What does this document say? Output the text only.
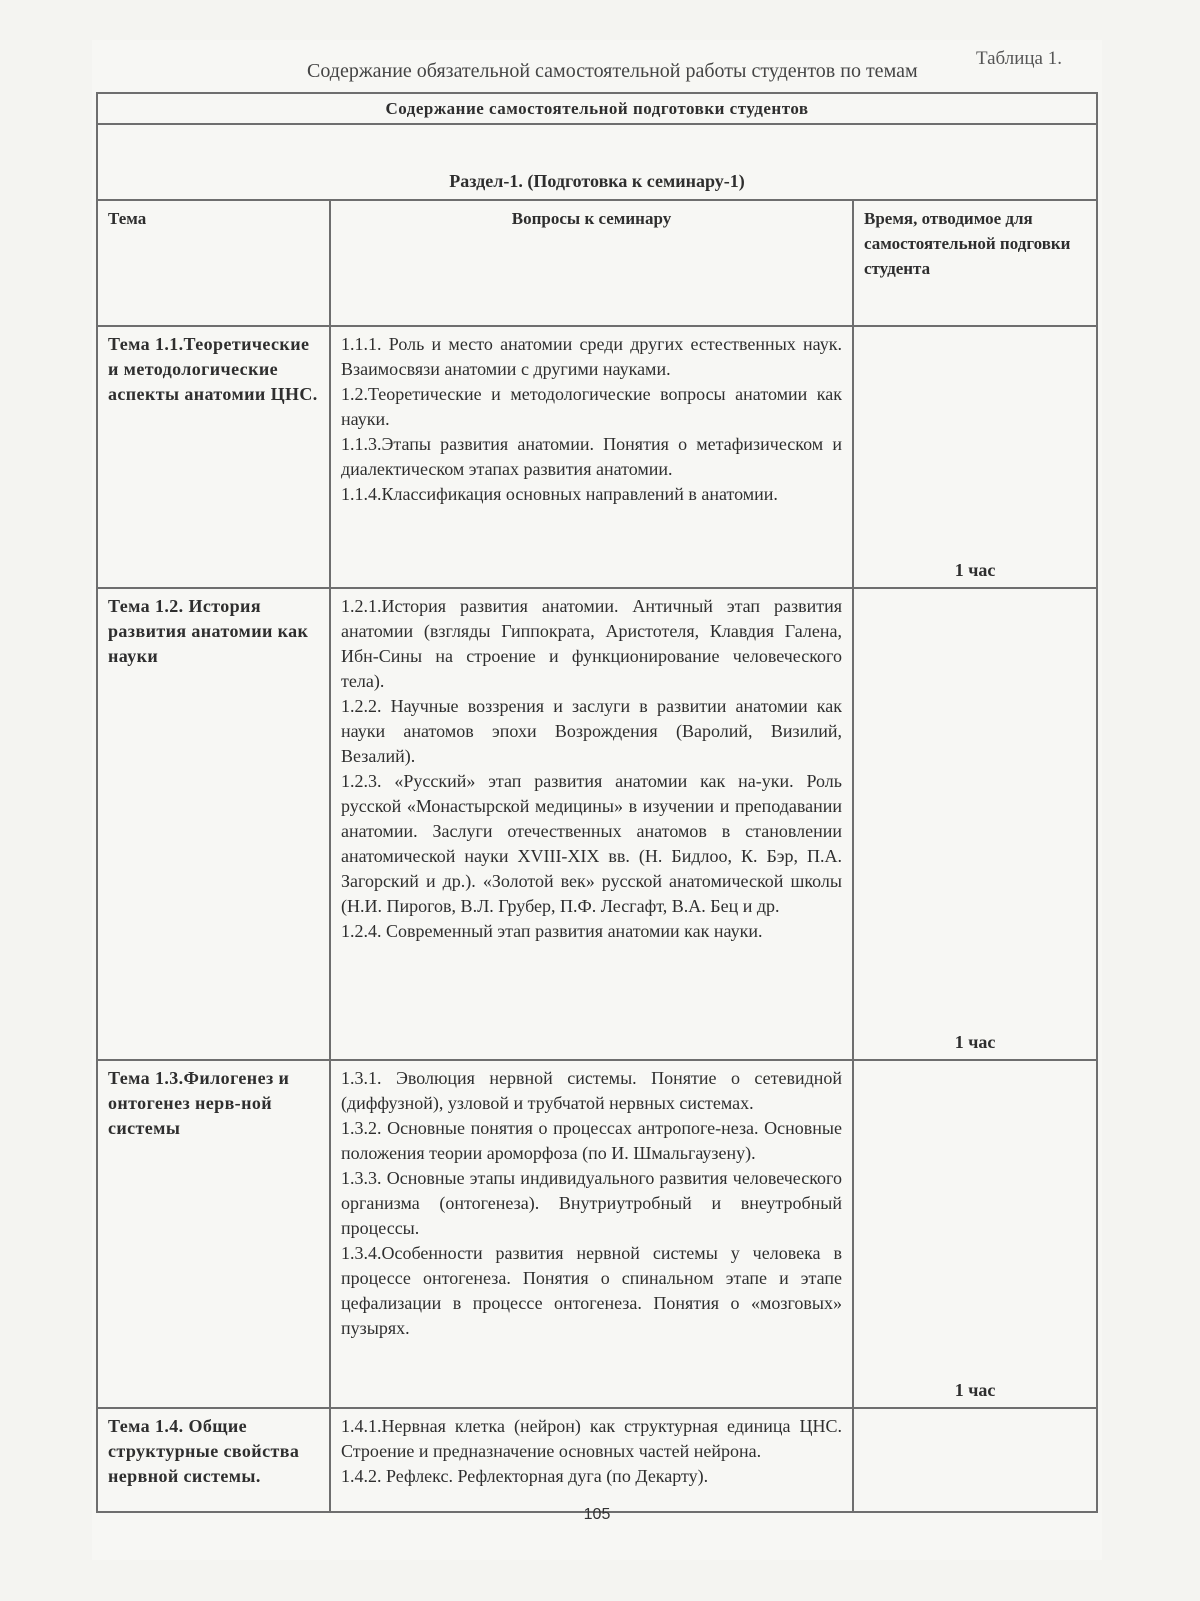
Таблица 1.
Содержание обязательной самостоятельной работы студентов по темам
Содержание самостоятельной подготовки студентов		
Раздел-1. (Подготовка к семинару-1)		
Тема	Вопросы к семинару	Время, отводимое для самостоятельной подговки студента
Тема 1.1.Теоретические и методологические аспекты анатомии ЦНС.	1.1.1. Роль и место анатомии среди других естественных наук. Взаимосвязи анатомии с другими науками.

1.2.Теоретические и методологические вопросы анатомии как науки.

1.1.3.Этапы развития анатомии. Понятия о метафизическом и диалектическом этапах развития анатомии.

1.1.4.Классификация основных направлений в анатомии.	1 час
Тема 1.2. История развития анатомии как науки	1.2.1.История развития анатомии. Античный этап развития анатомии (взгляды Гиппократа, Аристотеля, Клавдия Галена, Ибн-Сины на строение и функционирование человеческого тела).

1.2.2. Научные воззрения и заслуги в развитии анатомии как науки анатомов эпохи Возрождения (Варолий, Визилий, Везалий).

1.2.3. «Русский» этап развития анатомии как на-уки. Роль русской «Монастырской медицины» в изучении и преподавании анатомии. Заслуги отечественных анатомов в становлении анатомической науки XVIII-XIX вв. (Н. Бидлоо, К. Бэр, П.А. Загорский и др.). «Золотой век» русской анатомической школы (Н.И. Пирогов, В.Л. Грубер, П.Ф. Лесгафт, В.А. Бец и др.

1.2.4. Современный этап развития анатомии как науки.	1 час
Тема 1.3.Филогенез и онтогенез нерв-ной системы	1.3.1. Эволюция нервной системы. Понятие о сетевидной (диффузной), узловой и трубчатой нервных системах.

1.3.2. Основные понятия о процессах антропоге-неза. Основные положения теории ароморфоза (по И. Шмальгаузену).

1.3.3. Основные этапы индивидуального развития человеческого организма (онтогенеза). Внутриутробный и внеутробный процессы.

1.3.4.Особенности развития нервной системы у человека в процессе онтогенеза. Понятия о спинальном этапе и этапе цефализации в процессе онтогенеза. Понятия о «мозговых» пузырях.	1 час
Тема 1.4. Общие структурные свойства нервной системы.	1.4.1.Нервная клетка (нейрон) как структурная единица ЦНС. Строение и предназначение основных частей нейрона.

1.4.2. Рефлекс. Рефлекторная дуга (по Декарту).	

105
